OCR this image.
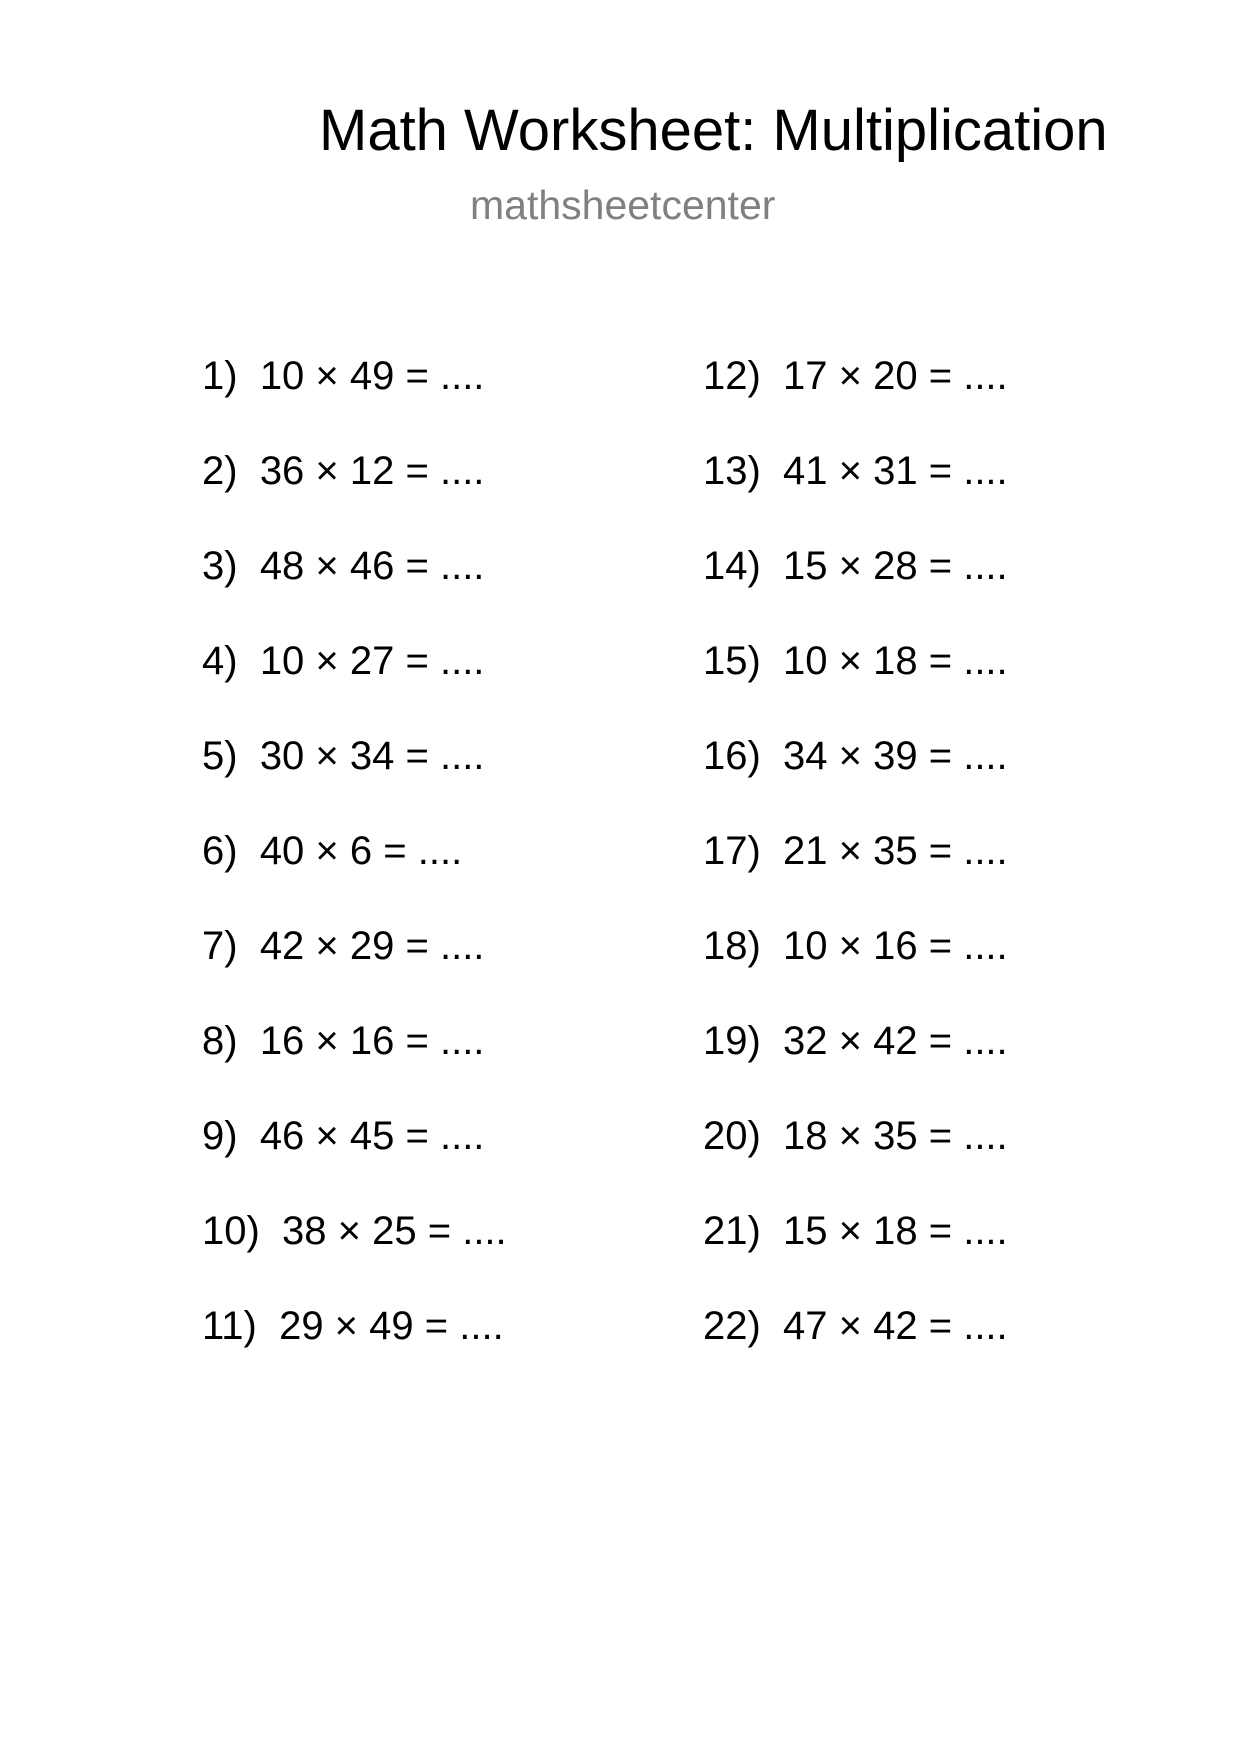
Math Worksheet: Multiplication
mathsheetcenter
1) 10 × 49 = ....
2) 36 × 12 = ....
3) 48 × 46 = ....
4) 10 × 27 = ....
5) 30 × 34 = ....
6) 40 × 6 = ....
7) 42 × 29 = ....
8) 16 × 16 = ....
9) 46 × 45 = ....
10) 38 × 25 = ....
11) 29 × 49 = ....
12) 17 × 20 = ....
13) 41 × 31 = ....
14) 15 × 28 = ....
15) 10 × 18 = ....
16) 34 × 39 = ....
17) 21 × 35 = ....
18) 10 × 16 = ....
19) 32 × 42 = ....
20) 18 × 35 = ....
21) 15 × 18 = ....
22) 47 × 42 = ....
